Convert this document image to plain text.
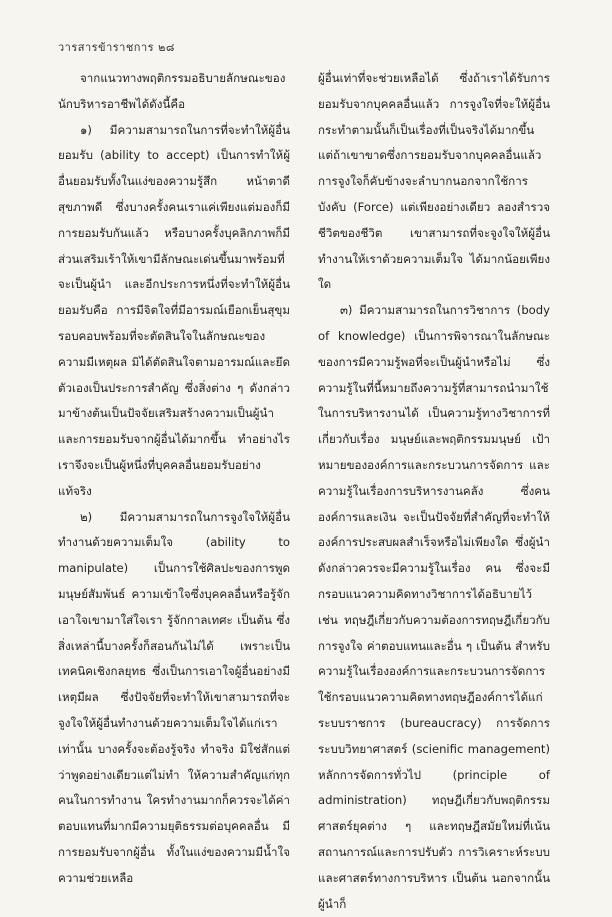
วารสารข้าราชการ ๒๘

จากแนวทางพฤติกรรมอธิบายลักษณะของนักบริหารอาชีพได้ดังนี้คือ

๑) มีความสามารถในการที่จะทำให้ผู้อื่นยอมรับ (ability to accept) เป็นการทำให้ผู้อื่นยอมรับทั้งในแง่ของความรู้สึก หน้าตาดี สุขภาพดี ซึ่งบางครั้งคนเราแค่เพียงแต่มองก็มีการยอมรับกันแล้ว หรือบางครั้งบุคลิกภาพก็มีส่วนเสริมเร้าให้เขามีลักษณะเด่นขึ้นมาพร้อมที่จะเป็นผู้นำ และอีกประการหนึ่งที่จะทำให้ผู้อื่นยอมรับคือ การมีจิตใจที่มีอารมณ์เยือกเย็นสุขุมรอบคอบพร้อมที่จะตัดสินใจในลักษณะของความมีเหตุผล มิได้ตัดสินใจตามอารมณ์และยึดตัวเองเป็นประการสำคัญ ซึ่งสิ่งต่าง ๆ ดังกล่าวมาข้างต้นเป็นปัจจัยเสริมสร้างความเป็นผู้นำและการยอมรับจากผู้อื่นได้มากขึ้น ทำอย่างไรเราจึงจะเป็นผู้หนึ่งที่บุคคลอื่นยอมรับอย่างแท้จริง

๒) มีความสามารถในการจูงใจให้ผู้อื่นทำงานด้วยความเต็มใจ (ability to manipulate) เป็นการใช้ศิลปะของการพูด มนุษย์สัมพันธ์ ความเข้าใจซึ่งบุคคลอื่นหรือรู้จักเอาใจเขามาใส่ใจเรา รู้จักกาลเทศะ เป็นต้น ซึ่งสิ่งเหล่านี้บางครั้งก็สอนกันไม่ได้ เพราะเป็นเทคนิคเชิงกลยุทธ ซึ่งเป็นการเอาใจผู้อื่นอย่างมีเหตุมีผล ซึ่งปัจจัยที่จะทำให้เขาสามารถที่จะจูงใจให้ผู้อื่นทำงานด้วยความเต็มใจได้แก่เราเท่านั้น บางครั้งจะต้องรู้จริง ทำจริง มิใช่สักแต่ว่าพูดอย่างเดียวแต่ไม่ทำ ให้ความสำคัญแก่ทุกคนในการทำงาน ใครทำงานมากก็ควรจะได้ค่าตอบแทนที่มากมีความยุติธรรมต่อบุคคลอื่น มีการยอมรับจากผู้อื่น ทั้งในแง่ของความมีน้ำใจ ความช่วยเหลือ

ผู้อื่นเท่าที่จะช่วยเหลือได้ ซึ่งถ้าเราได้รับการยอมรับจากบุคคลอื่นแล้ว การจูงใจที่จะให้ผู้อื่นกระทำตามนั้นก็เป็นเรื่องที่เป็นจริงได้มากขึ้น แต่ถ้าเขาขาดซึ่งการยอมรับจากบุคคลอื่นแล้ว การจูงใจก็คับข้างจะลำบากนอกจากใช้การบังคับ (Force) แต่เพียงอย่างเดียว ลองสำรวจชีวิตของชีวิต เขาสามารถที่จะจูงใจให้ผู้อื่นทำงานให้เราด้วยความเต็มใจ ได้มากน้อยเพียงใด

๓) มีความสามารถในการวิชาการ (body of knowledge) เป็นการพิจารณาในลักษณะของการมีความรู้พอที่จะเป็นผู้นำหรือไม่ ซึ่งความรู้ในที่นี้หมายถึงความรู้ที่สามารถนำมาใช้ในการบริหารงานได้ เป็นความรู้ทางวิชาการที่เกี่ยวกับเรื่อง มนุษย์และพฤติกรรมมนุษย์ เป้าหมายขององค์การและกระบวนการจัดการ และความรู้ในเรื่องการบริหารงานคลัง ซึ่งคนองค์การและเงิน จะเป็นปัจจัยที่สำคัญที่จะทำให้องค์การประสบผลสำเร็จหรือไม่เพียงใด ซึ่งผู้นำดังกล่าวควรจะมีความรู้ในเรื่อง คน ซึ่งจะมีกรอบแนวความคิดทางวิชาการได้อธิบายไว้เช่น ทฤษฎีเกี่ยวกับความต้องการทฤษฎีเกี่ยวกับการจูงใจ ค่าตอบแทนและอื่น ๆ เป็นต้น สำหรับความรู้ในเรื่ององค์การและกระบวนการจัดการ ใช้กรอบแนวความคิดทางทฤษฎีองค์การได้แก่ ระบบราชการ (bureaucracy) การจัดการระบบวิทยาศาสตร์ (scienific management) หลักการจัดการทั่วไป (principle of administration) ทฤษฎีเกี่ยวกับพฤติกรรมศาสตร์ยุคต่าง ๆ และทฤษฎีสมัยใหม่ที่เน้นสถานการณ์และการปรับตัว การวิเคราะห์ระบบและศาสตร์ทางการบริหาร เป็นต้น นอกจากนั้นผู้นำก็
